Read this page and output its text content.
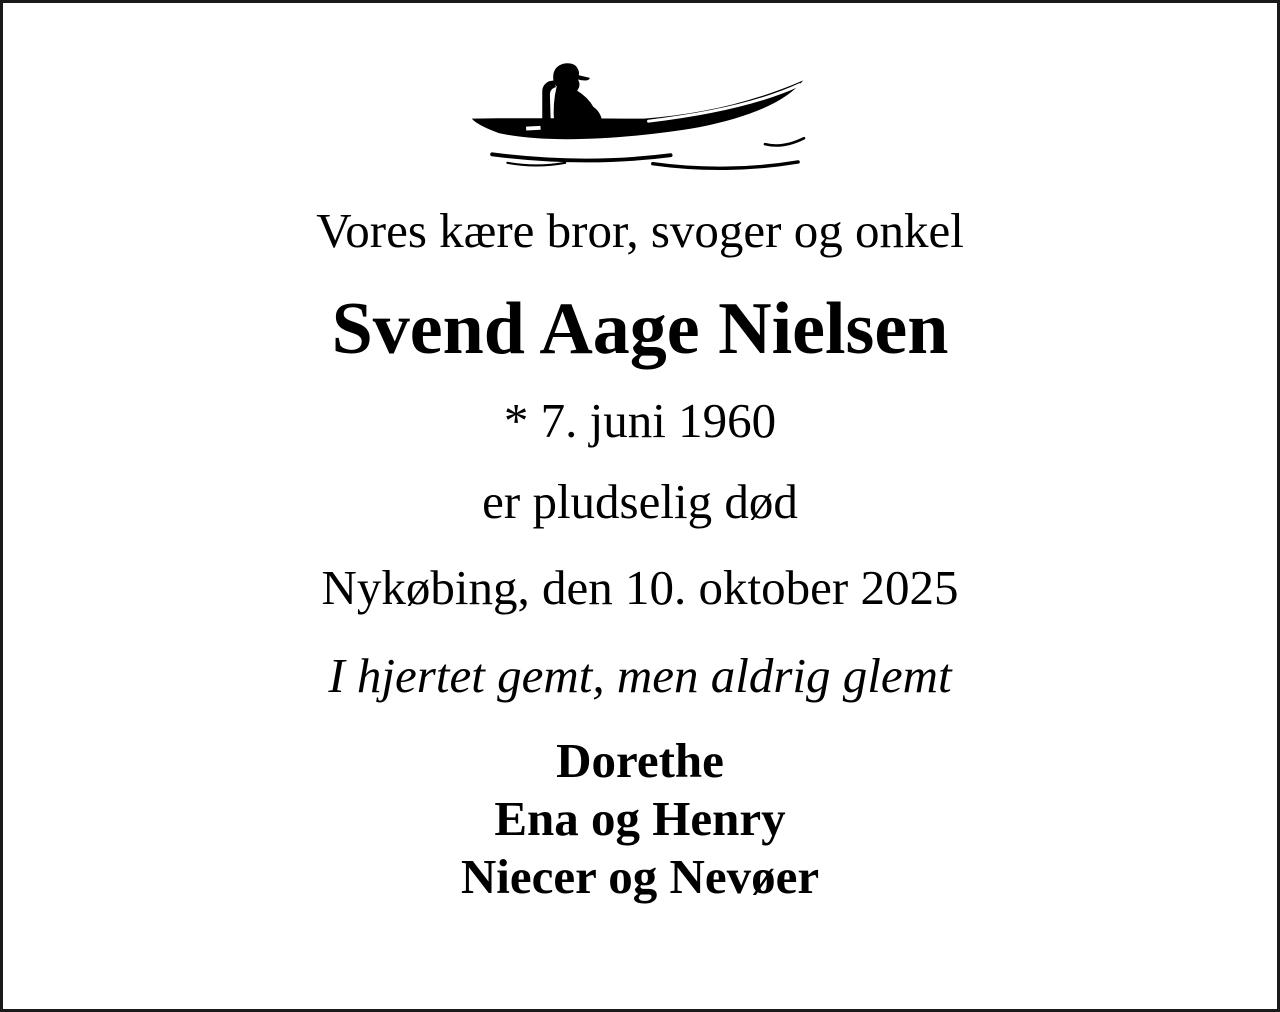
Vores kære bror, svoger og onkel

Svend Aage Nielsen

* 7. juni 1960

er pludselig død

Nykøbing, den 10. oktober 2025

I hjertet gemt, men aldrig glemt

Dorethe
Ena og Henry
Niecer og Nevøer
